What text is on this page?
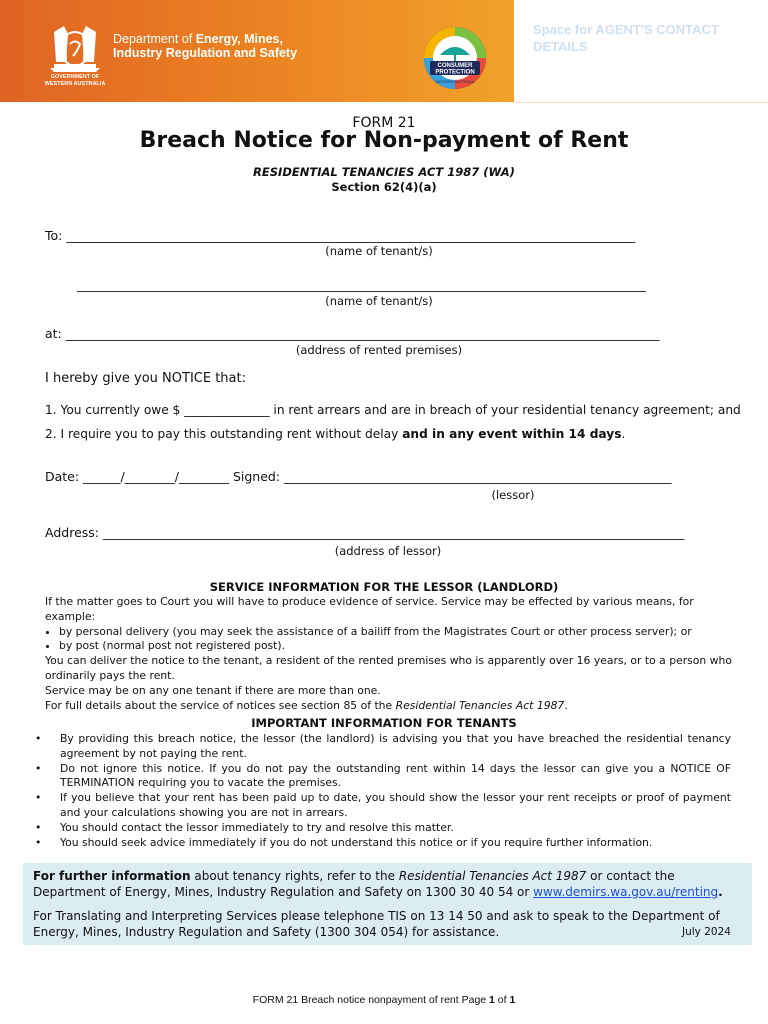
GOVERNMENT OF
WESTERN AUSTRALIA
Department of Energy, Mines,
Industry Regulation and Safety
CONSUMER
PROTECTION
WESTERN AUSTRALIA
Space for AGENT'S CONTACT DETAILS
FORM 21
Breach Notice for Non-payment of Rent
RESIDENTIAL TENANCIES ACT 1987 (WA)
Section 62(4)(a)
To: ___________________________________________________________________________________________
(name of tenant/s)
___________________________________________________________________________________________
(name of tenant/s)
at: _______________________________________________________________________________________________
(address of rented premises)
I hereby give you NOTICE that:
1. You currently owe $ ______________ in rent arrears and are in breach of your residential tenancy agreement; and
2. I require you to pay this outstanding rent without delay and in any event within 14 days.
Date: ______/________/________ Signed: ______________________________________________________________
(lessor)
Address: _____________________________________________________________________________________________
(address of lessor)
SERVICE INFORMATION FOR THE LESSOR (LANDLORD)
If the matter goes to Court you will have to produce evidence of service. Service may be effected by various means, for example:
• by personal delivery (you may seek the assistance of a bailiff from the Magistrates Court or other process server); or
• by post (normal post not registered post).
You can deliver the notice to the tenant, a resident of the rented premises who is apparently over 16 years, or to a person who ordinarily pays the rent.
Service may be on any one tenant if there are more than one.
For full details about the service of notices see section 85 of the Residential Tenancies Act 1987.
IMPORTANT INFORMATION FOR TENANTS
• By providing this breach notice, the lessor (the landlord) is advising you that you have breached the residential tenancy agreement by not paying the rent.
• Do not ignore this notice. If you do not pay the outstanding rent within 14 days the lessor can give you a NOTICE OF TERMINATION requiring you to vacate the premises.
• If you believe that your rent has been paid up to date, you should show the lessor your rent receipts or proof of payment and your calculations showing you are not in arrears.
• You should contact the lessor immediately to try and resolve this matter.
• You should seek advice immediately if you do not understand this notice or if you require further information.
For further information about tenancy rights, refer to the Residential Tenancies Act 1987 or contact the Department of Energy, Mines, Industry Regulation and Safety on 1300 30 40 54 or www.demirs.wa.gov.au/renting.
For Translating and Interpreting Services please telephone TIS on 13 14 50 and ask to speak to the Department of Energy, Mines, Industry Regulation and Safety (1300 304 054) for assistance.	July 2024
FORM 21 Breach notice nonpayment of rent Page 1 of 1
